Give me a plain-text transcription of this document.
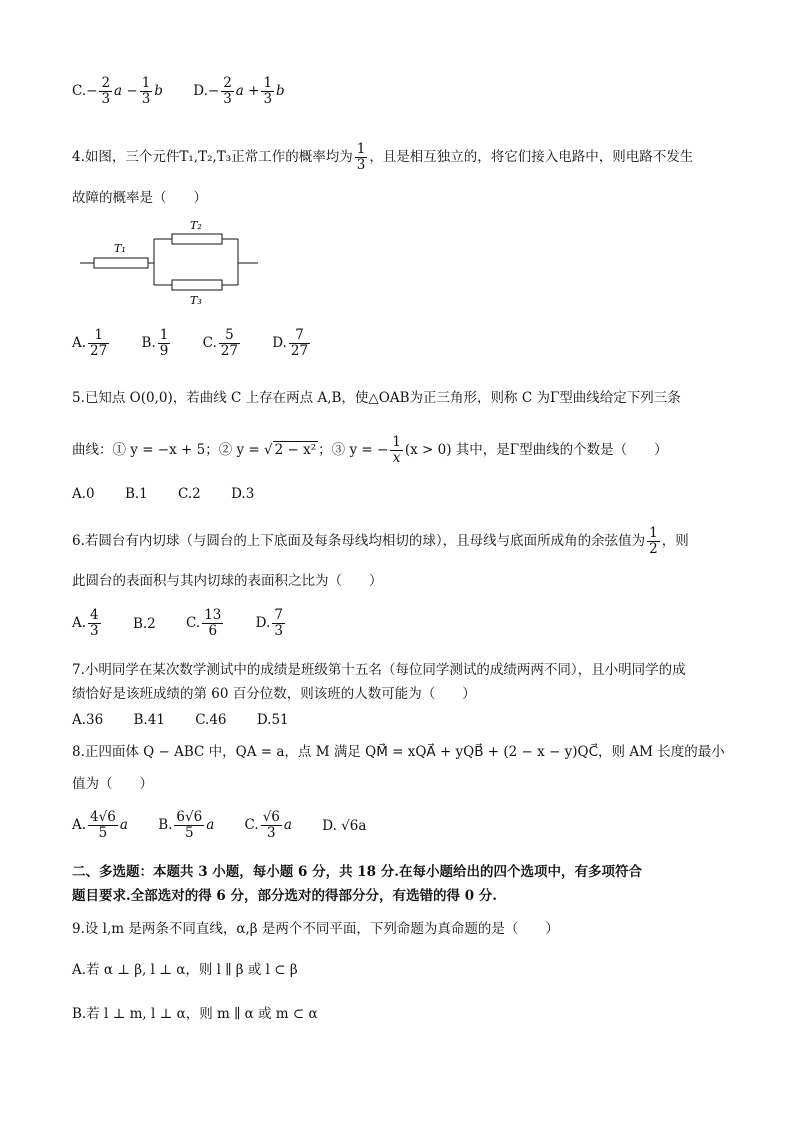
$C.- \frac{2}{3}$ $a - \frac{1}{3}$ b $D.- \frac{2}{3}$ $a + \frac{1}{3}$ b
4.如图，三个元件T₁,T₂,T₃正常工作的概率均为 $\frac{1}{3}$ ，且是相互独立的，将它们接入电路中，则电路不发生
故障的概率是（　　）
T₁
T₂
T₃
A. $\frac{1}{27} B$. $\frac{1}{9} C$. $\frac{5}{27} D$. $\frac{7}{27}$
5.已知点 O(0,0)，若曲线 C 上存在两点 A,B，使△OAB为正三角形，则称 C 为Γ型曲线给定下列三条
曲线：① y = −x + 5；② y = √ 2 − x² ；③ y = − $\frac{1}{x} (x > 0)$ 其中，是Γ型曲线的个数是（　　）
A.0 B.1 C.2 D.3
6.若圆台有内切球（与圆台的上下底面及每条母线均相切的球），且母线与底面所成角的余弦值为 $\frac{1}{2}$ ，则
此圆台的表面积与其内切球的表面积之比为（　　）
A. $\frac{4}{3} B.2$ C. $\frac{13}{6} D$. $\frac{7}{3}$
7.小明同学在某次数学测试中的成绩是班级第十五名（每位同学测试的成绩两两不同），且小明同学的成
绩恰好是该班成绩的第 60 百分位数，则该班的人数可能为（　　）
A.36 B.41 C.46 D.51
8.正四面体 Q − ABC 中，QA = a，点 M 满足 QM⃗ = xQA⃗ + yQB⃗ + (2 − x − y)QC⃗，则 AM 长度的最小
值为（　　）
A. $\frac{4√6}{5}$ a B. $\frac{6√6}{5}$ a C. $\frac{√6}{3}$ a D. √6a
二、多选题：本题共 3 小题，每小题 6 分，共 18 分.在每小题给出的四个选项中，有多项符合
题目要求.全部选对的得 6 分，部分选对的得部分分，有选错的得 0 分.
9.设 l,m 是两条不同直线，α,β 是两个不同平面，下列命题为真命题的是（　　）
A.若 α ⊥ β, l ⊥ α，则 l ∥ β 或 l ⊂ β
B.若 l ⊥ m, l ⊥ α，则 m ∥ α 或 m ⊂ α
